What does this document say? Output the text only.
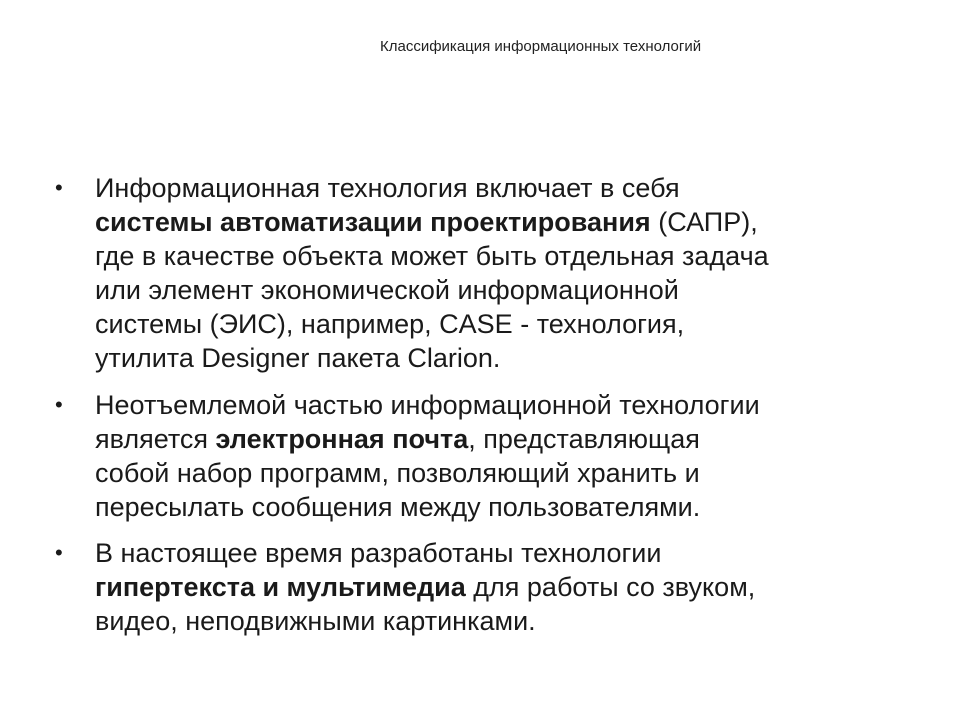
Классификация информационных технологий
•	Информационная технология включает в себя
системы автоматизации проектирования (САПР),
где в качестве объекта может быть отдельная задача
или элемент экономической информационной
системы (ЭИС), например, CASE - технология,
утилита Designer пакета Clarion.
•	Неотъемлемой частью информационной технологии
является электронная почта, представляющая
собой набор программ, позволяющий хранить и
пересылать сообщения между пользователями.
•	В настоящее время разработаны технологии
гипертекста и мультимедиа для работы со звуком,
видео, неподвижными картинками.
